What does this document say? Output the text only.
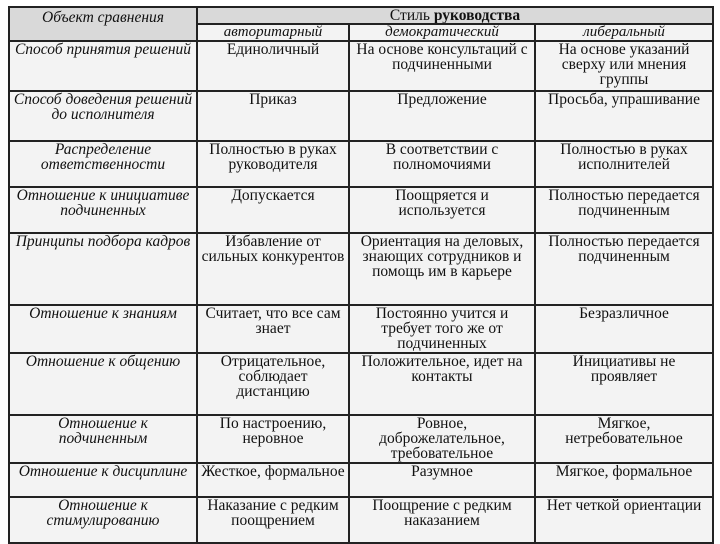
Объект сравнения	Стиль руководства		
	авторитарный	демократический	либеральный
Способ принятия решений	Единоличный	На основе консультаций с подчиненными	На основе указаний сверху или мнения группы
Способ доведения решений до исполнителя	Приказ	Предложение	Просьба, упрашивание
Распределение ответственности	Полностью в руках руководителя	В соответствии с полномочиями	Полностью в руках исполнителей
Отношение к инициативе подчиненных	Допускается	Поощряется и используется	Полностью передается подчиненным
Принципы подбора кадров	Избавление от сильных конкурентов	Ориентация на деловых, знающих сотрудников и помощь им в карьере	Полностью передается подчиненным
Отношение к знаниям	Считает, что все сам знает	Постоянно учится и требует того же от подчиненных	Безразличное
Отношение к общению	Отрицательное, соблюдает дистанцию	Положительное, идет на контакты	Инициативы не проявляет
Отношение к подчиненным	По настроению, неровное	Ровное, доброжелательное, требовательное	Мягкое, нетребовательное
Отношение к дисциплине	Жесткое, формальное	Разумное	Мягкое, формальное
Отношение к стимулированию	Наказание с редким поощрением	Поощрение с редким наказанием	Нет четкой ориентации
